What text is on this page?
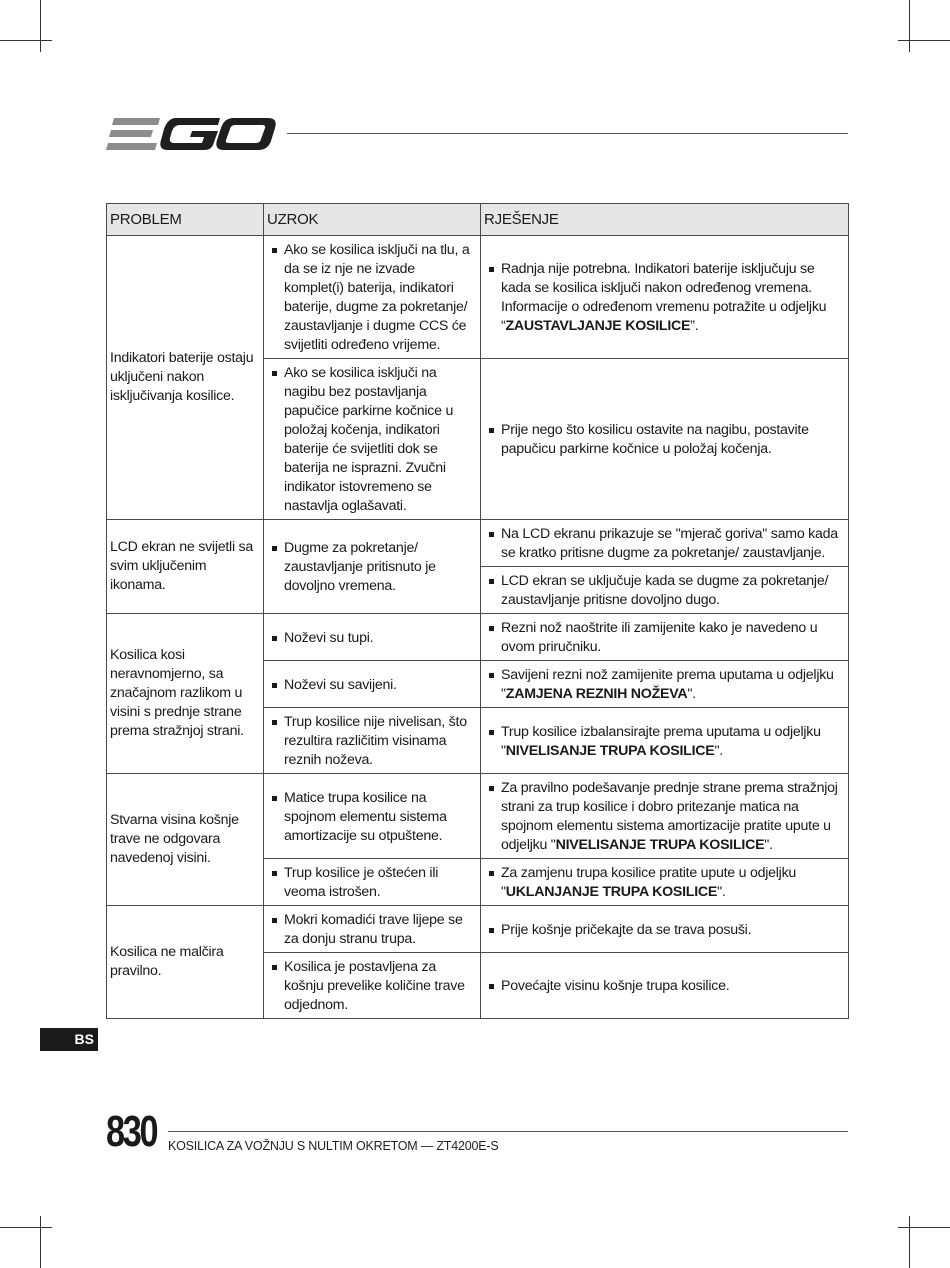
PROBLEM	UZROK	RJEŠENJE
Indikatori baterije ostaju uključeni nakon isključivanja kosilice.	Ako se kosilica isključi na tlu, a da se iz nje ne izvade komplet(i) baterija, indikatori baterije, dugme za pokretanje/ zaustavljanje i dugme CCS će svijetliti određeno vrijeme.	Radnja nije potrebna. Indikatori baterije isključuju se kada se kosilica isključi nakon određenog vremena. Informacije o određenom vremenu potražite u odjeljku “ZAUSTAVLJANJE KOSILICE”.

Ako se kosilica isključi na nagibu bez postavljanja papučice parkirne kočnice u položaj kočenja, indikatori baterije će svijetliti dok se baterija ne isprazni. Zvučni indikator istovremeno se nastavlja oglašavati.	Prije nego što kosilicu ostavite na nagibu, postavite papučicu parkirne kočnice u položaj kočenja.

LCD ekran ne svijetli sa svim uključenim ikonama.	Dugme za pokretanje/ zaustavljanje pritisnuto je dovoljno vremena.	Na LCD ekranu prikazuje se "mjerač goriva" samo kada se kratko pritisne dugme za pokretanje/ zaustavljanje.

LCD ekran se uključuje kada se dugme za pokretanje/ zaustavljanje pritisne dovoljno dugo.

Kosilica kosi neravnomjerno, sa značajnom razlikom u visini s prednje strane prema stražnjoj strani.	Noževi su tupi.	Rezni nož naoštrite ili zamijenite kako je navedeno u ovom priručniku.

Noževi su savijeni.	Savijeni rezni nož zamijenite prema uputama u odjeljku "ZAMJENA REZNIH NOŽEVA".

Trup kosilice nije nivelisan, što rezultira različitim visinama reznih noževa.	Trup kosilice izbalansirajte prema uputama u odjeljku "NIVELISANJE TRUPA KOSILICE".

Stvarna visina košnje trave ne odgovara navedenoj visini.	Matice trupa kosilice na spojnom elementu sistema amortizacije su otpuštene.	Za pravilno podešavanje prednje strane prema stražnjoj strani za trup kosilice i dobro pritezanje matica na spojnom elementu sistema amortizacije pratite upute u odjeljku "NIVELISANJE TRUPA KOSILICE".

Trup kosilice je oštećen ili veoma istrošen.	Za zamjenu trupa kosilice pratite upute u odjeljku "UKLANJANJE TRUPA KOSILICE".

Kosilica ne malčira pravilno.	Mokri komadići trave lijepe se za donju stranu trupa.	Prije košnje pričekajte da se trava posuši.

Kosilica je postavljena za košnju prevelike količine trave odjednom.	Povećajte visinu košnje trupa kosilice.
BS
830 KOSILICA ZA VOŽNJU S NULTIM OKRETOM — ZT4200E-S
